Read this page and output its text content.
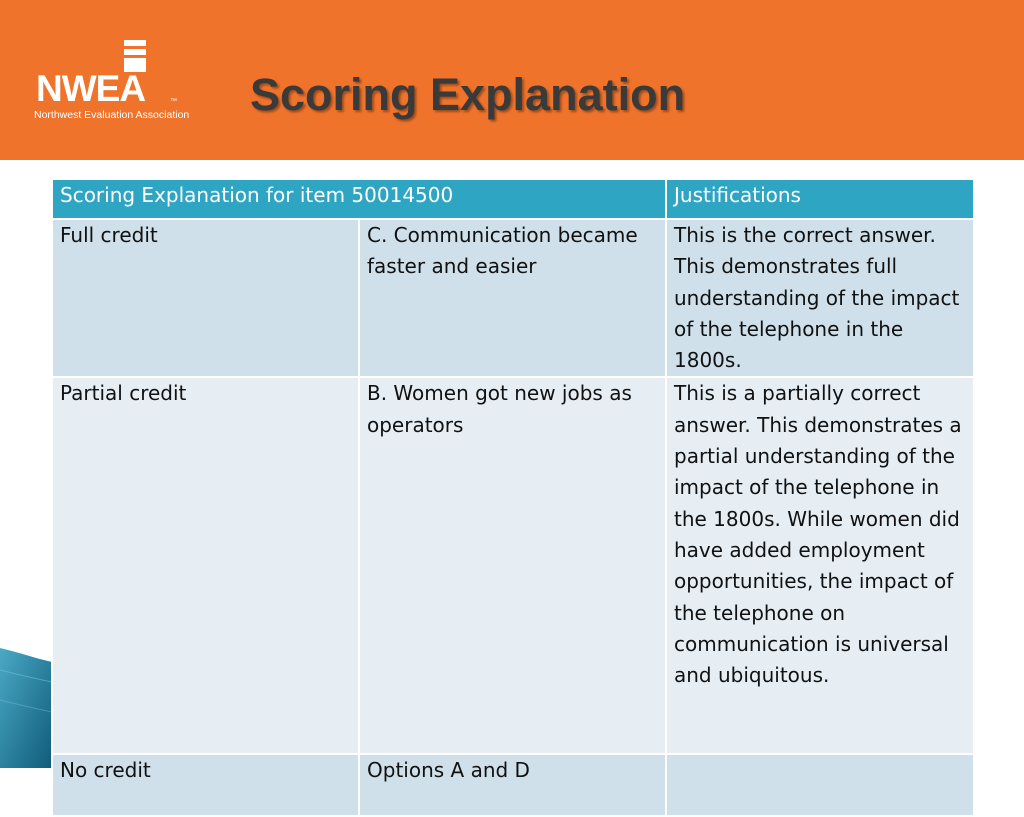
NWEA	™
Northwest Evaluation Association Scoring Explanation
Scoring Explanation for item 50014500		Justifications
Full credit	C. Communication became faster and easier	This is the correct answer. This demonstrates full understanding of the impact of the telephone in the 1800s.
Partial credit	B. Women got new jobs as operators	This is a partially correct answer. This demonstrates a partial understanding of the impact of the telephone in the 1800s. While women did have added employment opportunities, the impact of the telephone on communication is universal and ubiquitous.
No credit	Options A and D	
